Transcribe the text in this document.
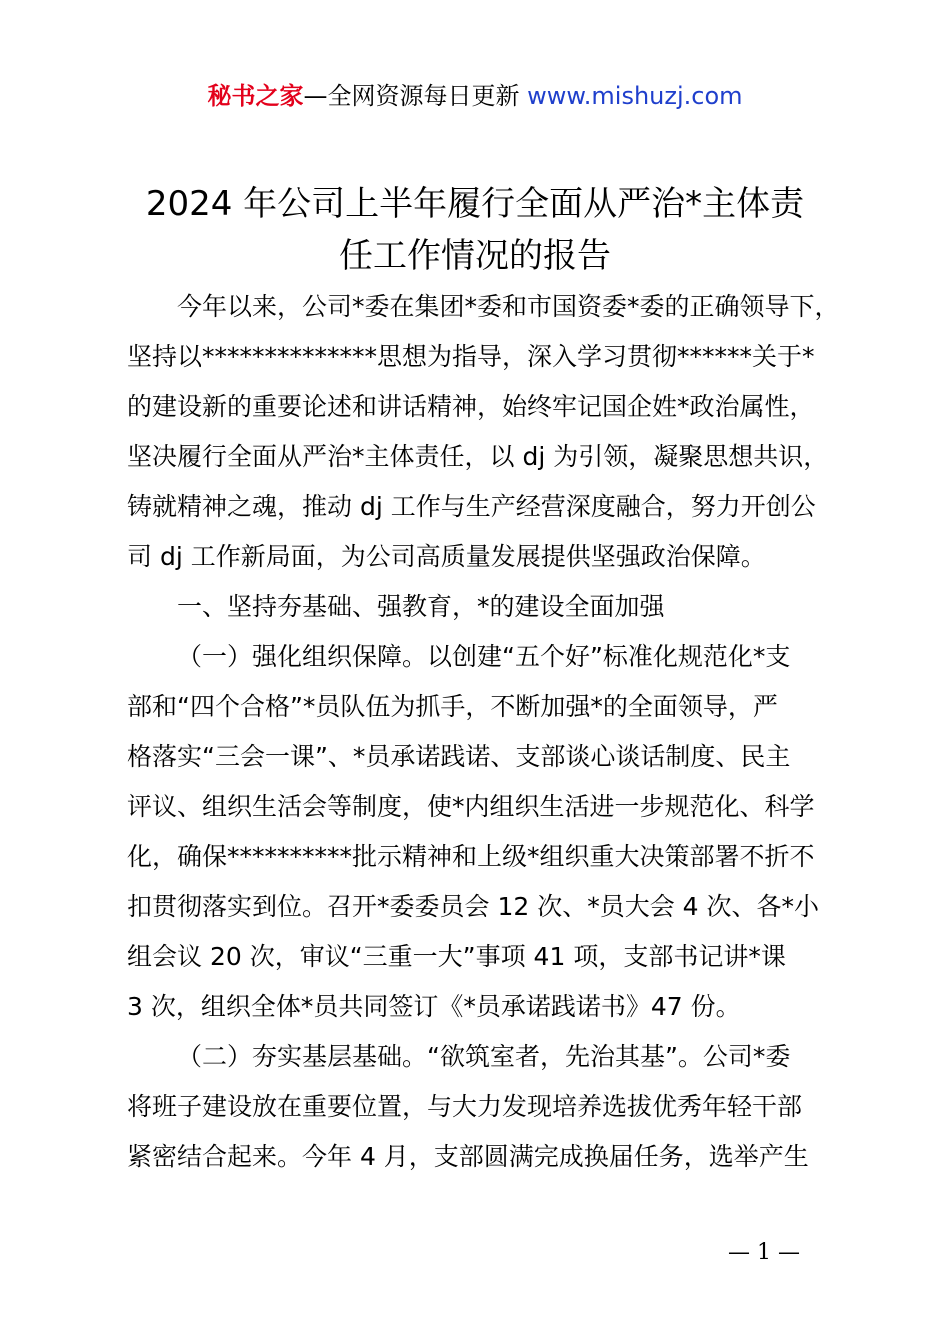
秘书之家—全网资源每日更新 www.mishuzj.com
2024 年公司上半年履行全面从严治*主体责
任工作情况的报告
今年以来，公司*委在集团*委和市国资委*委的正确领导下，
坚持以**************思想为指导，深入学习贯彻******关于*
的建设新的重要论述和讲话精神，始终牢记国企姓*政治属性，
坚决履行全面从严治*主体责任，以 dj 为引领，凝聚思想共识，
铸就精神之魂，推动 dj 工作与生产经营深度融合，努力开创公
司 dj 工作新局面，为公司高质量发展提供坚强政治保障。
一、坚持夯基础、强教育，*的建设全面加强
（一）强化组织保障。以创建“五个好”标准化规范化*支
部和“四个合格”*员队伍为抓手，不断加强*的全面领导，严
格落实“三会一课”、*员承诺践诺、支部谈心谈话制度、民主
评议、组织生活会等制度，使*内组织生活进一步规范化、科学
化，确保**********批示精神和上级*组织重大决策部署不折不
扣贯彻落实到位。召开*委委员会 12 次、*员大会 4 次、各*小
组会议 20 次，审议“三重一大”事项 41 项，支部书记讲*课
3 次，组织全体*员共同签订《*员承诺践诺书》47 份。
（二）夯实基层基础。“欲筑室者，先治其基”。公司*委
将班子建设放在重要位置，与大力发现培养选拔优秀年轻干部
紧密结合起来。今年 4 月，支部圆满完成换届任务，选举产生
— 1 —
